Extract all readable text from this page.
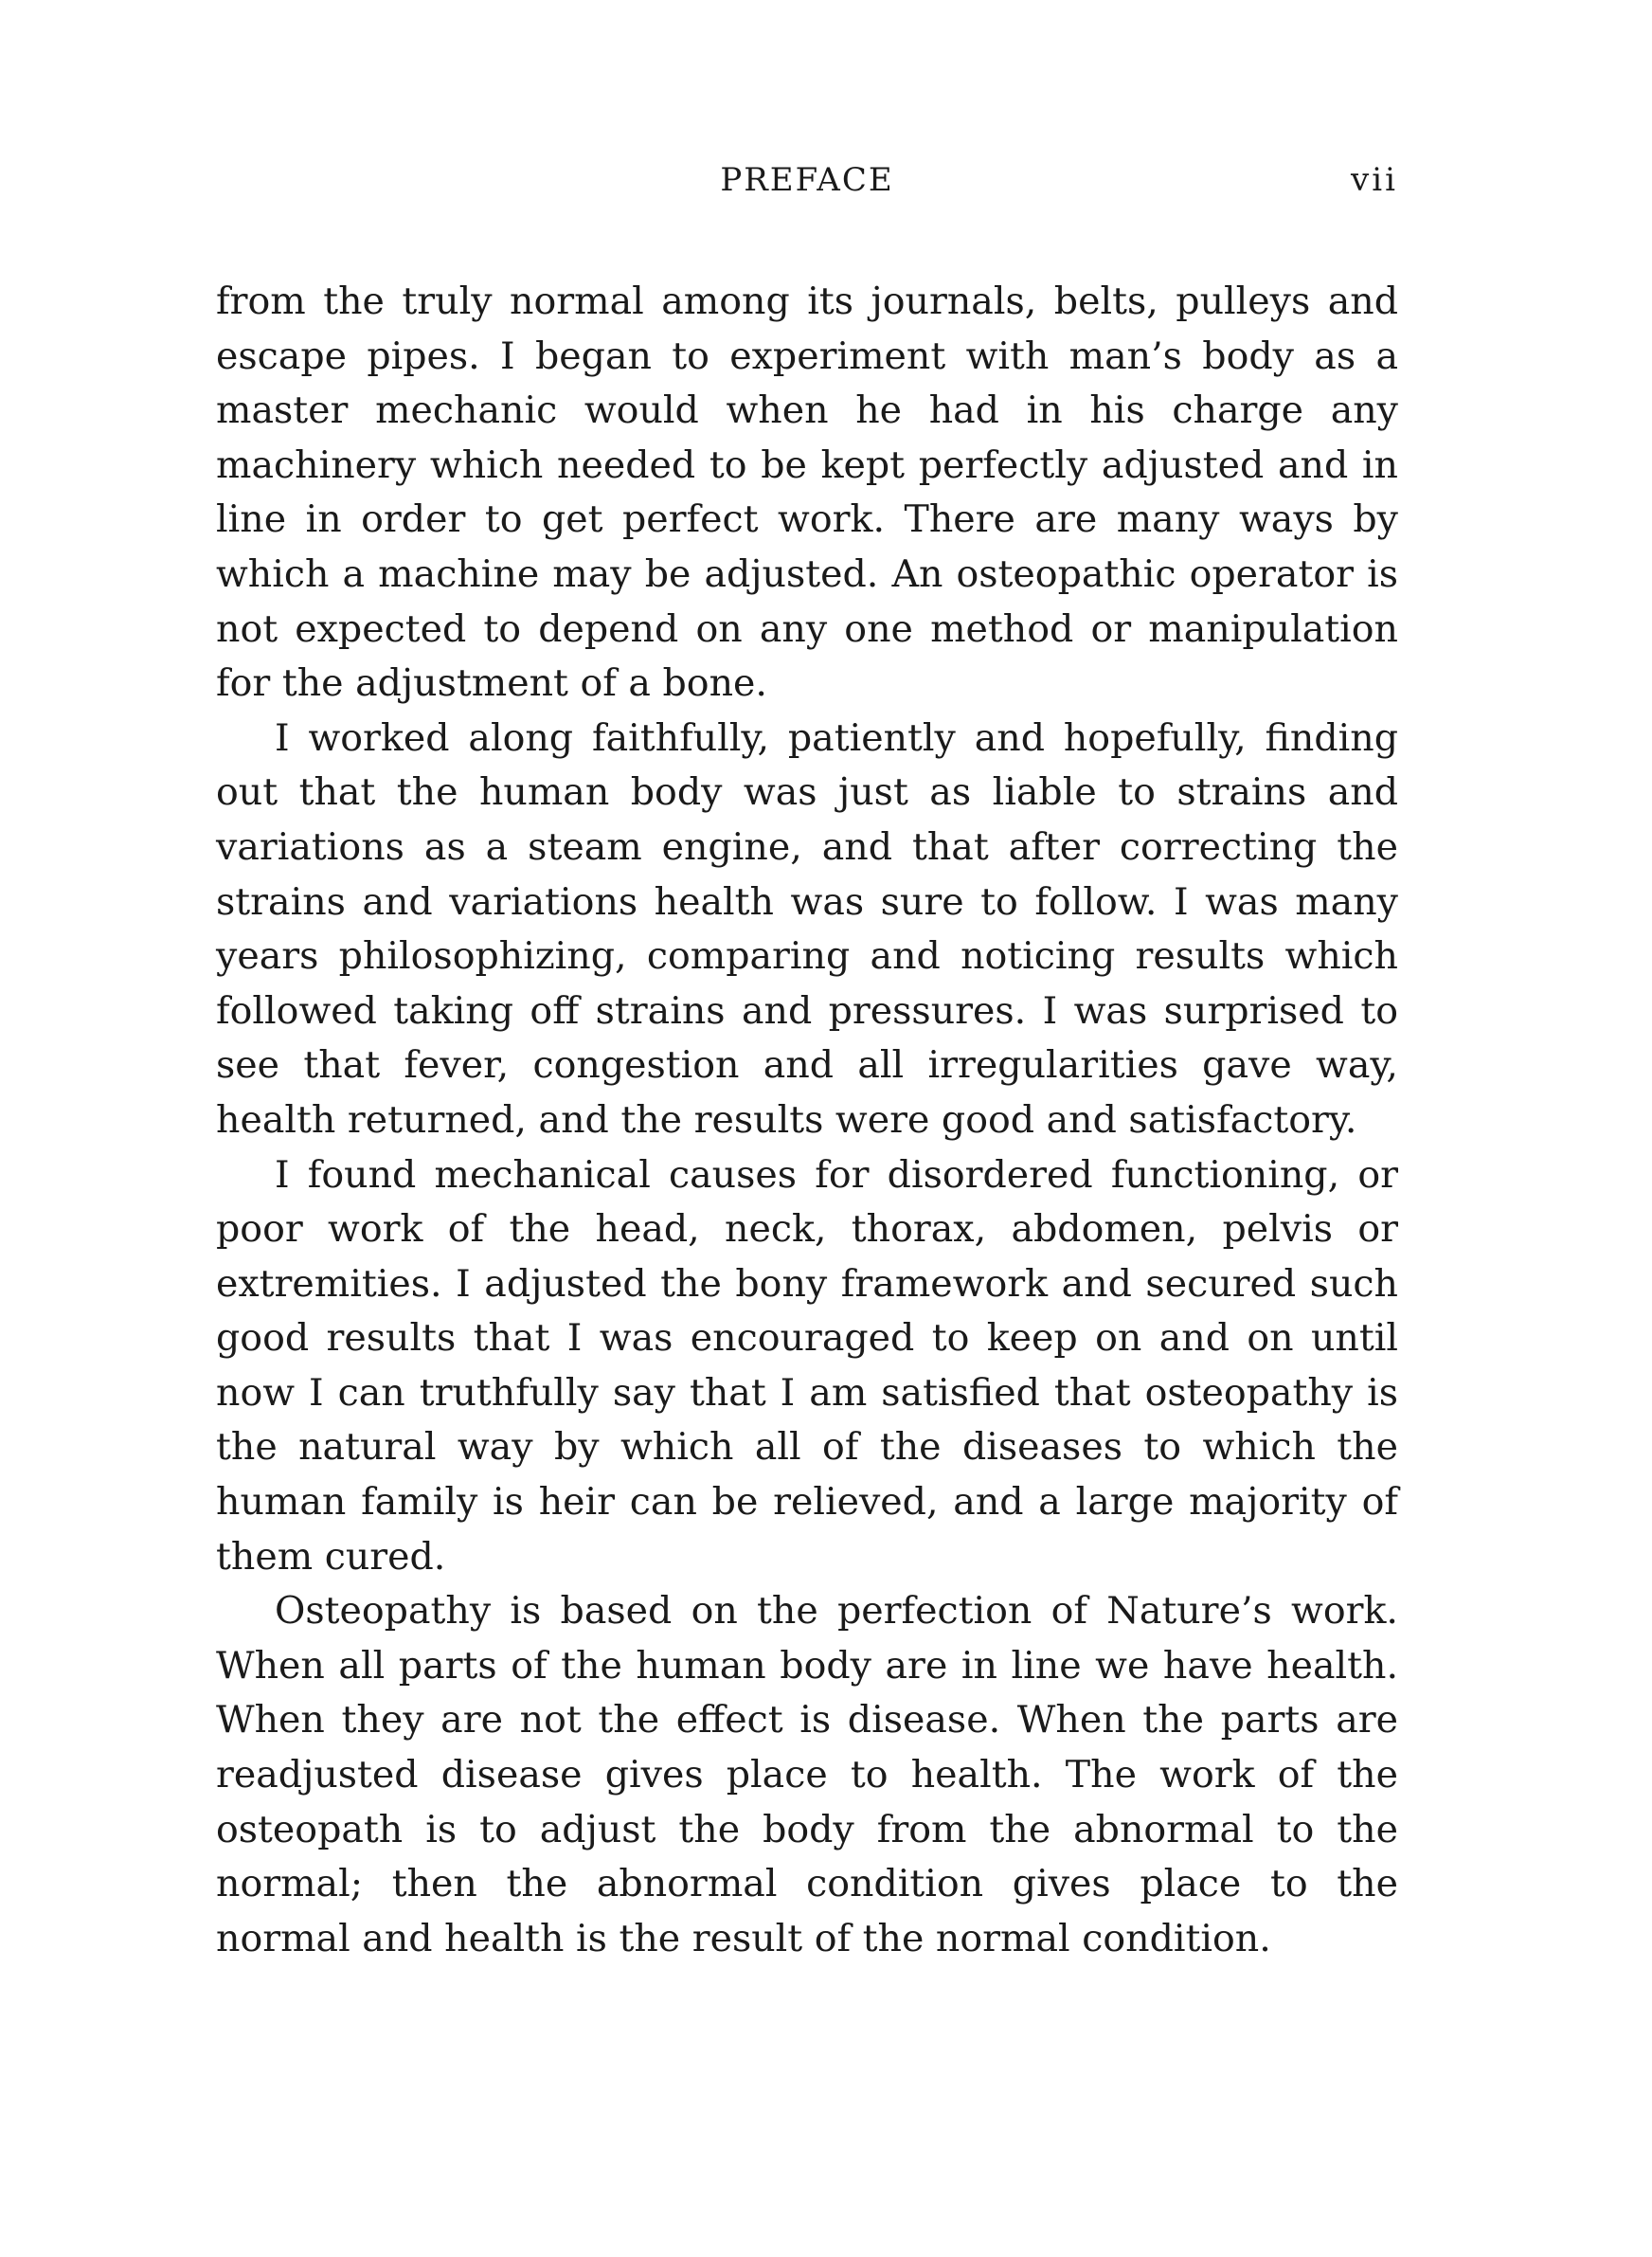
PREFACE	vii

from the truly normal among its journals, belts, pulleys and escape pipes. I began to experiment with man’s body as a master mechanic would when he had in his charge any machinery which needed to be kept perfectly adjusted and in line in order to get perfect work. There are many ways by which a machine may be adjusted. An osteopathic operator is not expected to depend on any one method or manipulation for the adjustment of a bone.

I worked along faithfully, patiently and hopefully, finding out that the human body was just as liable to strains and variations as a steam engine, and that after correcting the strains and variations health was sure to follow. I was many years philosophizing, comparing and noticing results which followed taking off strains and pressures. I was surprised to see that fever, congestion and all irregularities gave way, health returned, and the results were good and satisfactory.

I found mechanical causes for disordered functioning, or poor work of the head, neck, thorax, abdomen, pelvis or extremities. I adjusted the bony framework and secured such good results that I was encouraged to keep on and on until now I can truthfully say that I am satisfied that osteopathy is the natural way by which all of the diseases to which the human family is heir can be relieved, and a large majority of them cured.

Osteopathy is based on the perfection of Nature’s work. When all parts of the human body are in line we have health. When they are not the effect is disease. When the parts are readjusted disease gives place to health. The work of the osteopath is to adjust the body from the abnormal to the normal; then the abnormal condition gives place to the normal and health is the result of the normal condition.
